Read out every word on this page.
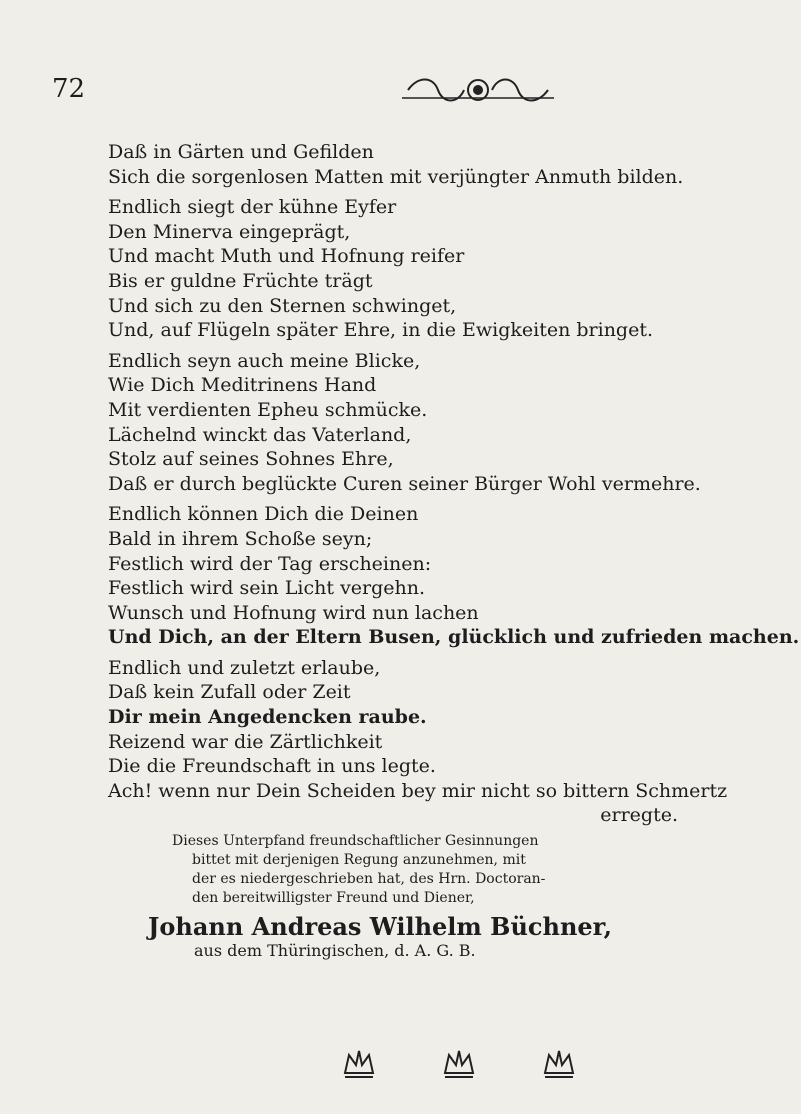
72
Daß in Gärten und Gefilden
Sich die sorgenlosen Matten mit verjüngter Anmuth bilden.
Endlich siegt der kühne Eyfer
Den Minerva eingeprägt,
Und macht Muth und Hofnung reifer
Bis er guldne Früchte trägt
Und sich zu den Sternen schwinget,
Und, auf Flügeln später Ehre, in die Ewigkeiten bringet.
Endlich seyn auch meine Blicke,
Wie Dich Meditrinens Hand
Mit verdienten Epheu schmücke.
Lächelnd winckt das Vaterland,
Stolz auf seines Sohnes Ehre,
Daß er durch beglückte Curen seiner Bürger Wohl vermehre.
Endlich können Dich die Deinen
Bald in ihrem Schoße seyn;
Festlich wird der Tag erscheinen:
Festlich wird sein Licht vergehn.
Wunsch und Hofnung wird nun lachen
Und Dich, an der Eltern Busen, glücklich und zufrieden machen.
Endlich und zuletzt erlaube,
Daß kein Zufall oder Zeit
Dir mein Angedencken raube.
Reizend war die Zärtlichkeit
Die die Freundschaft in uns legte.
Ach! wenn nur Dein Scheiden bey mir nicht so bittern Schmertz
erregte.
Dieses Unterpfand freundschaftlicher Gesinnungen
bittet mit derjenigen Regung anzunehmen, mit
der es niedergeschrieben hat, des Hrn. Doctoran-
den bereitwilligster Freund und Diener,
Johann Andreas Wilhelm Büchner,
aus dem Thüringischen, d. A. G. B.
